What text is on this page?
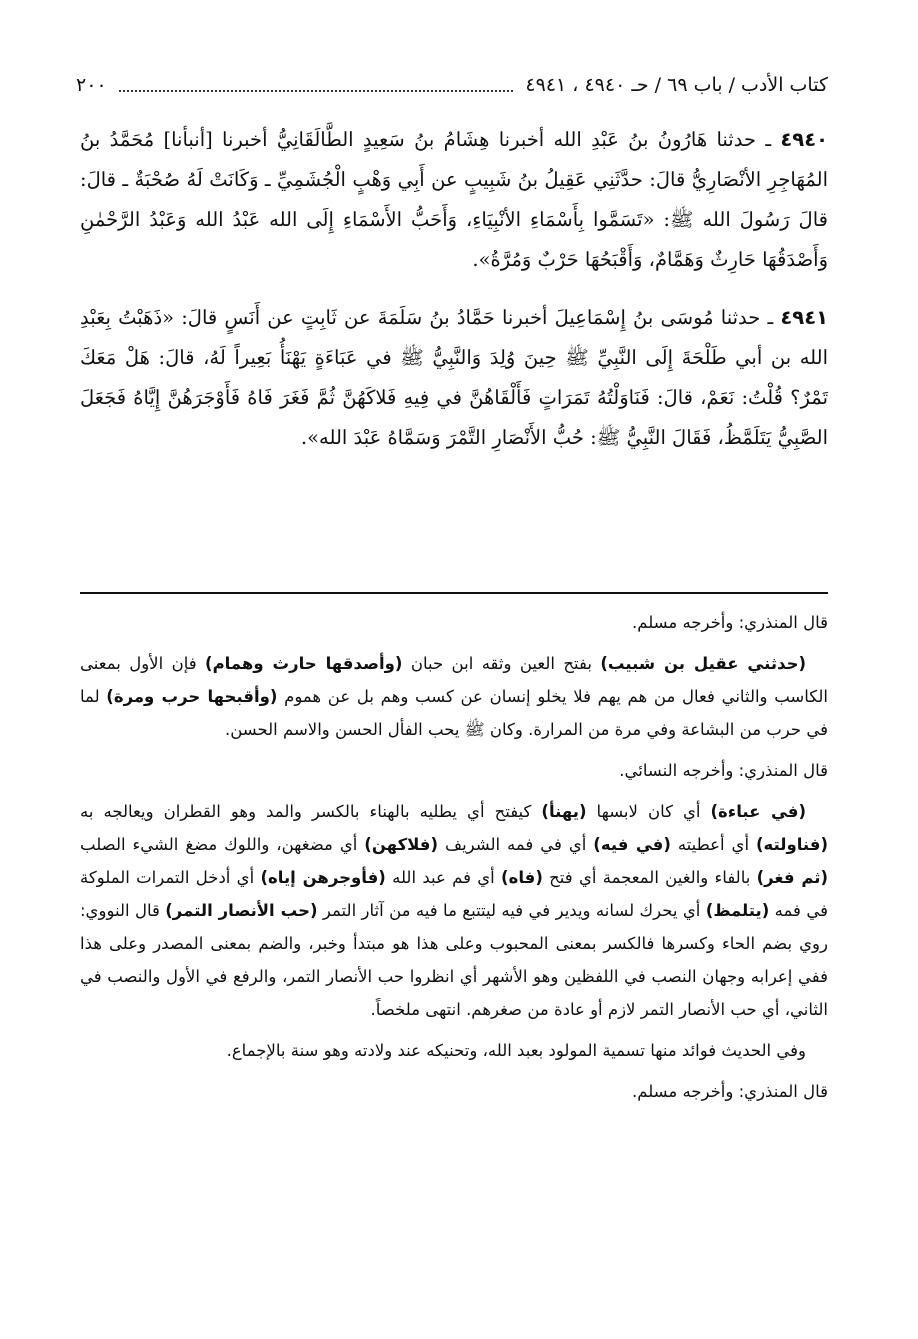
كتاب الأدب / باب ٦٩ / حـ ٤٩٤٠ ، ٤٩٤١
٢٠٠

٤٩٤٠ ـ حدثنا هَارُونُ بنُ عَبْدِ الله أخبرنا هِشَامُ بنُ سَعِيدٍ الطَّالَقَانِيُّ أخبرنا [أنبأنا] مُحَمَّدُ بنُ المُهَاجِرِ الأنْصَارِيُّ قالَ: حدَّثَنِي عَقِيلُ بنُ شَبِيبٍ عن أَبِي وَهْبٍ الْجُشَمِيِّ ـ وَكَانَتْ لَهُ صُحْبَةٌ ـ قالَ: قالَ رَسُولَ الله ﷺ: «تَسَمَّوا بِأَسْمَاءِ الأنْبِيَاءِ، وَأَحَبُّ الأَسْمَاءِ إِلَى الله عَبْدُ الله وَعَبْدُ الرَّحْمٰنِ وَأَصْدَقُهَا حَارِثٌ وَهَمَّامٌ، وَأَقْبَحُهَا حَرْبٌ وَمُرَّةُ».

٤٩٤١ ـ حدثنا مُوسَى بنُ إِسْمَاعِيلَ أخبرنا حَمَّادُ بنُ سَلَمَةَ عن ثَابِتٍ عن أَنَسٍ قالَ: «ذَهَبْتُ بِعَبْدِ الله بن أبي طَلْحَةَ إِلَى النَّبِيِّ ﷺ حِينَ وُلِدَ وَالنَّبِيُّ ﷺ في عَبَاءَةٍ يَهْنَأُ بَعِيراً لَهُ، قالَ: هَلْ مَعَكَ تَمْرٌ؟ قُلْتُ: نَعَمْ، قالَ: فَنَاوَلْتُهُ تَمَرَاتٍ فَأَلْقَاهُنَّ في فِيهِ فَلاكَهُنَّ ثُمَّ فَغَرَ فَاهُ فَأَوْجَرَهُنَّ إِيَّاهُ فَجَعَلَ الصَّبِيُّ يَتَلَمَّظُ، فَقَالَ النَّبِيُّ ﷺ: حُبُّ الأَنْصَارِ التَّمْرَ وَسَمَّاهُ عَبْدَ الله».

قال المنذري: وأخرجه مسلم.

(حدثني عقيل بن شبيب) بفتح العين وثقه ابن حبان (وأصدقها حارث وهمام) فإن الأول بمعنى الكاسب والثاني فعال من هم يهم فلا يخلو إنسان عن كسب وهم بل عن هموم (وأقبحها حرب ومرة) لما في حرب من البشاعة وفي مرة من المرارة. وكان ﷺ يحب الفأل الحسن والاسم الحسن.

قال المنذري: وأخرجه النسائي.

(في عباءة) أي كان لابسها (يهنأ) كيفتح أي يطليه بالهناء بالكسر والمد وهو القطران ويعالجه به (فناولته) أي أعطيته (في فيه) أي في فمه الشريف (فلاكهن) أي مضغهن، واللوك مضغ الشيء الصلب (ثم فغر) بالفاء والغين المعجمة أي فتح (فاه) أي فم عبد الله (فأوجرهن إياه) أي أدخل التمرات الملوكة في فمه (يتلمظ) أي يحرك لسانه ويدير في فيه ليتتبع ما فيه من آثار التمر (حب الأنصار التمر) قال النووي: روي بضم الحاء وكسرها فالكسر بمعنى المحبوب وعلى هذا هو مبتدأ وخبر، والضم بمعنى المصدر وعلى هذا ففي إعرابه وجهان النصب في اللفظين وهو الأشهر أي انظروا حب الأنصار التمر، والرفع في الأول والنصب في الثاني، أي حب الأنصار التمر لازم أو عادة من صغرهم. انتهى ملخصاً.

وفي الحديث فوائد منها تسمية المولود بعبد الله، وتحنيكه عند ولادته وهو سنة بالإجماع.

قال المنذري: وأخرجه مسلم.
